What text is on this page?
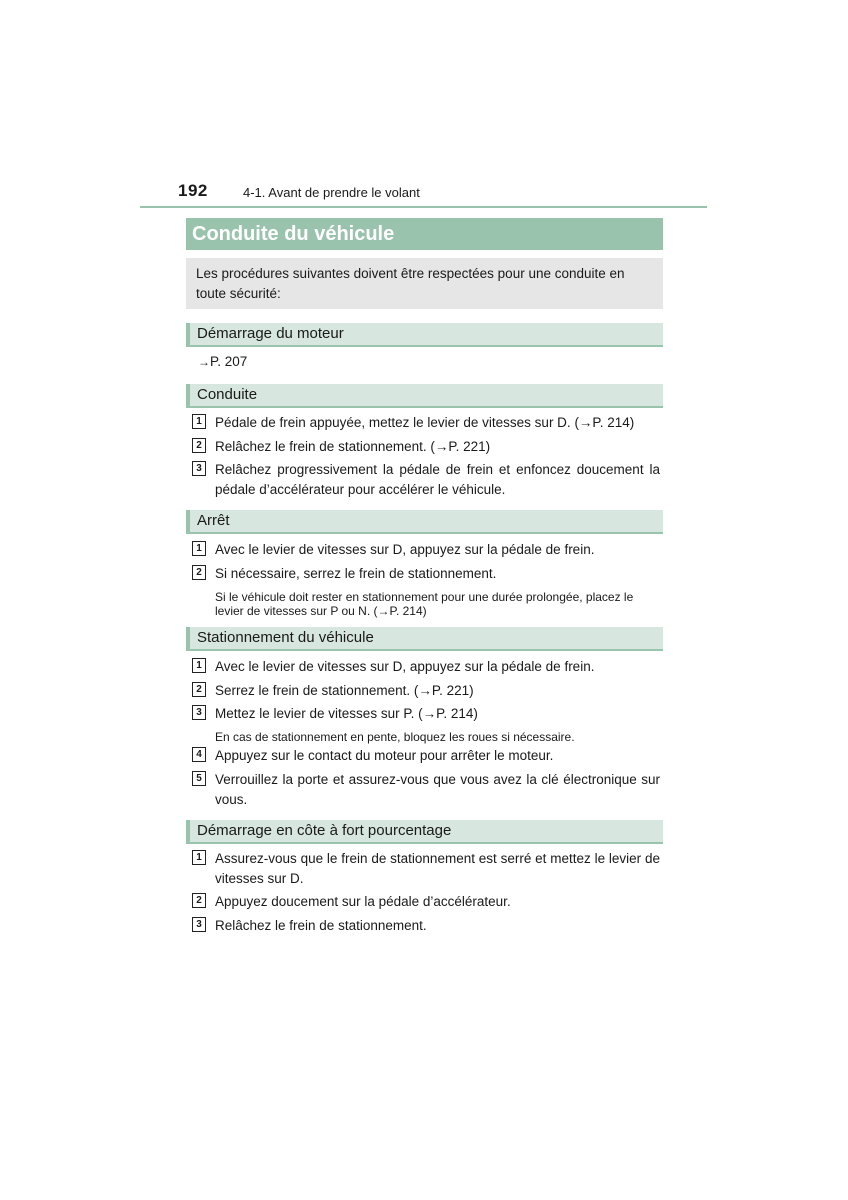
192	4-1. Avant de prendre le volant
Conduite du véhicule
Les procédures suivantes doivent être respectées pour une conduite en toute sécurité:
Démarrage du moteur
→P. 207
Conduite
1 Pédale de frein appuyée, mettez le levier de vitesses sur D. (→P. 214)
2 Relâchez le frein de stationnement. (→P. 221)
3 Relâchez progressivement la pédale de frein et enfoncez doucement la pédale d’accélérateur pour accélérer le véhicule.
Arrêt
1 Avec le levier de vitesses sur D, appuyez sur la pédale de frein.
2 Si nécessaire, serrez le frein de stationnement.
Si le véhicule doit rester en stationnement pour une durée prolongée, placez le levier de vitesses sur P ou N. (→P. 214)
Stationnement du véhicule
1 Avec le levier de vitesses sur D, appuyez sur la pédale de frein.
2 Serrez le frein de stationnement. (→P. 221)
3 Mettez le levier de vitesses sur P. (→P. 214)
En cas de stationnement en pente, bloquez les roues si nécessaire.
4 Appuyez sur le contact du moteur pour arrêter le moteur.
5 Verrouillez la porte et assurez-vous que vous avez la clé électronique sur vous.
Démarrage en côte à fort pourcentage
1 Assurez-vous que le frein de stationnement est serré et mettez le levier de vitesses sur D.
2 Appuyez doucement sur la pédale d’accélérateur.
3 Relâchez le frein de stationnement.
